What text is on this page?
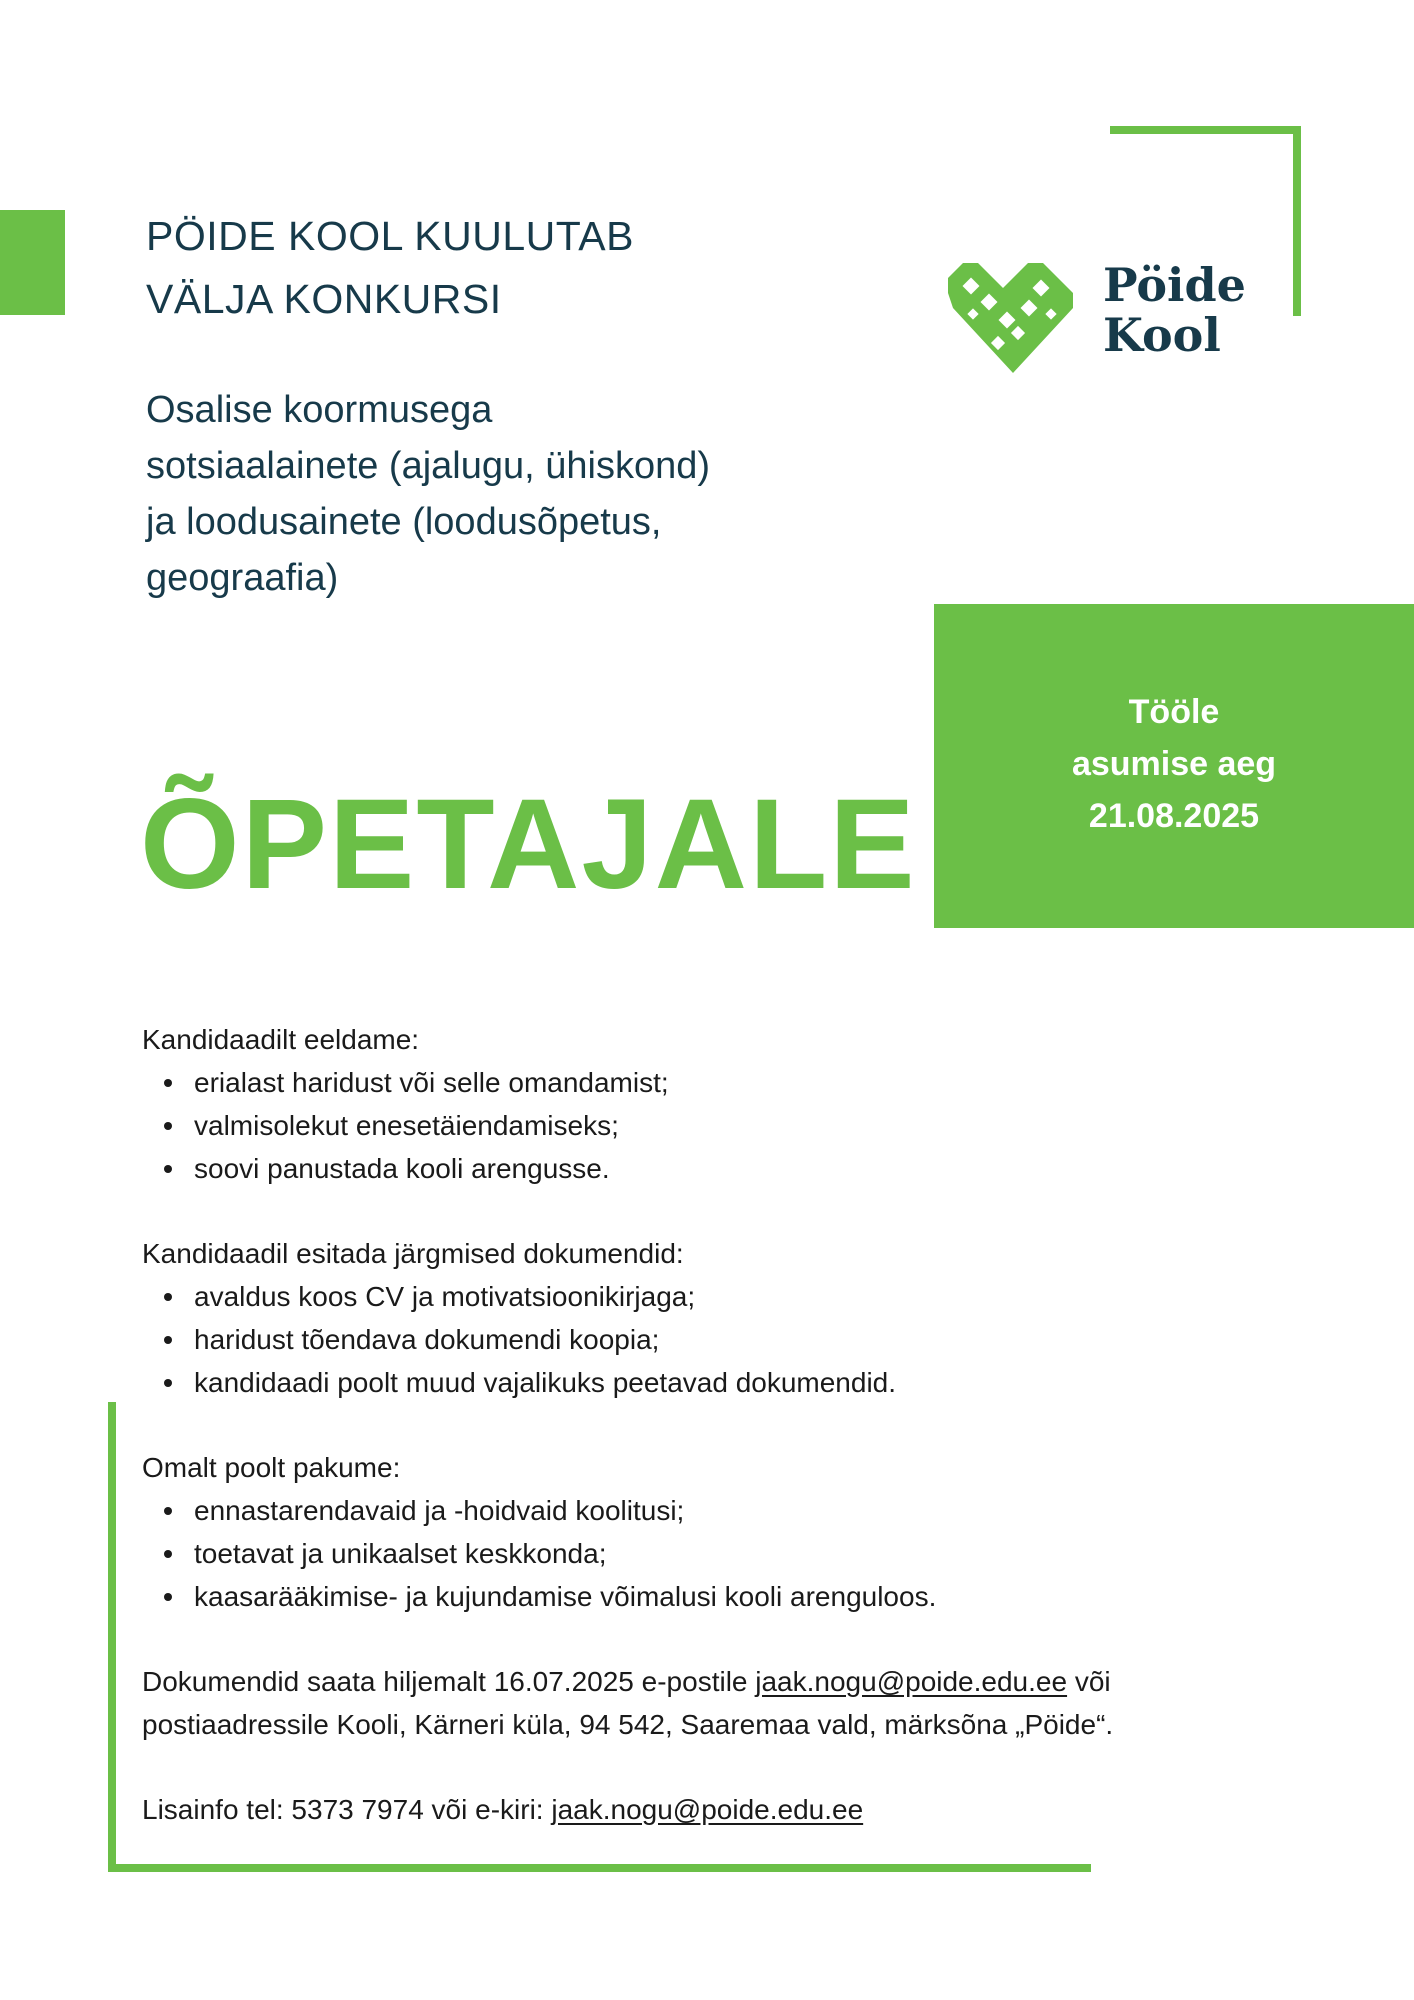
PÖIDE KOOL KUULUTAB
VÄLJA KONKURSI
Osalise koormusega
sotsiaalainete (ajalugu, ühiskond)
ja loodusainete (loodusõpetus,
geograafia)
ÕPETAJALE
Tööle
asumise aeg
21.08.2025
Pöide
Kool

Kandidaadilt eeldame:

erialast haridust või selle omandamist;
valmisolekut enesetäiendamiseks;
soovi panustada kooli arengusse.

Kandidaadil esitada järgmised dokumendid:

avaldus koos CV ja motivatsioonikirjaga;
haridust tõendava dokumendi koopia;
kandidaadi poolt muud vajalikuks peetavad dokumendid.

Omalt poolt pakume:

ennastarendavaid ja -hoidvaid koolitusi;
toetavat ja unikaalset keskkonda;
kaasarääkimise- ja kujundamise võimalusi kooli arenguloos.

Dokumendid saata hiljemalt 16.07.2025 e-postile jaak.nogu@poide.edu.ee või
postiaadressile Kooli, Kärneri küla, 94 542, Saaremaa vald, märksõna „Pöide“.

Lisainfo tel: 5373 7974 või e-kiri: jaak.nogu@poide.edu.ee
